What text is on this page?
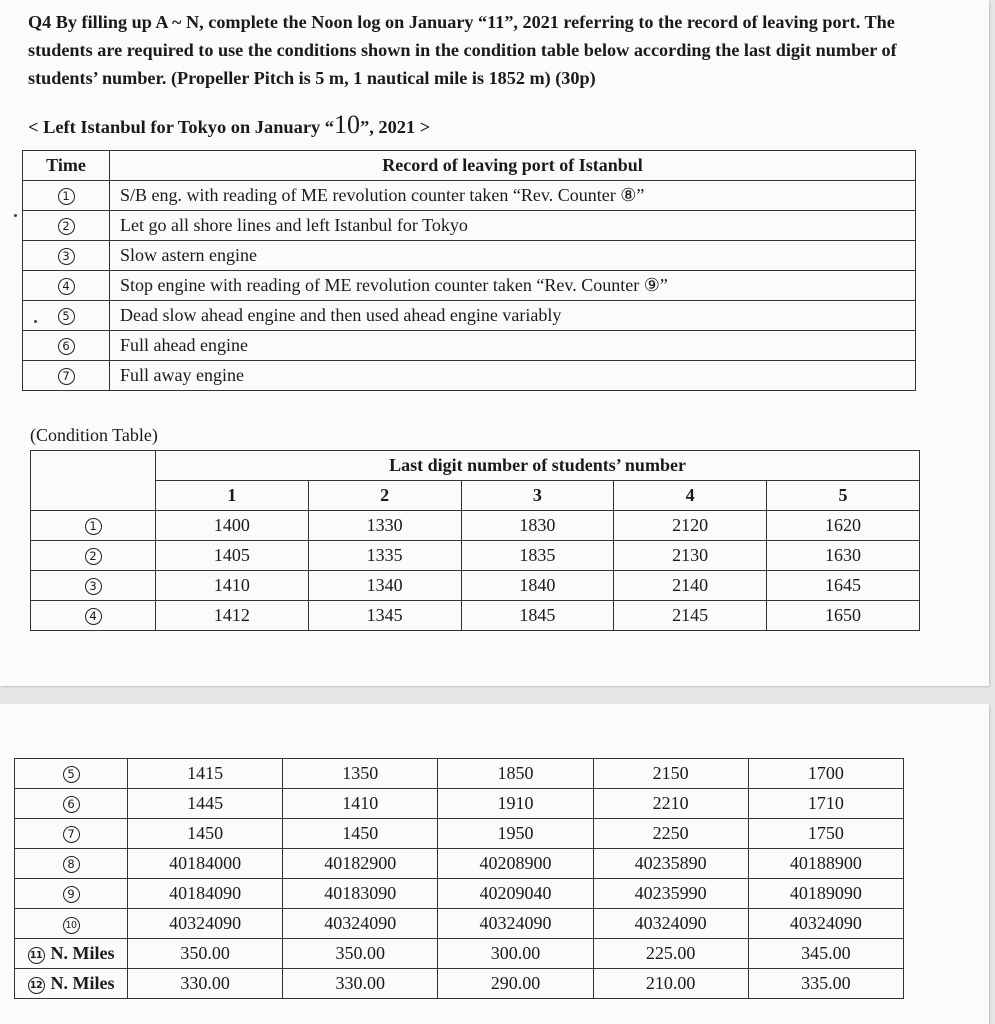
Q4 By filling up A ~ N, complete the Noon log on January “11”, 2021 referring to the record of leaving port. The students are required to use the conditions shown in the condition table below according the last digit number of students’ number. (Propeller Pitch is 5 m, 1 nautical mile is 1852 m) (30p)
< Left Istanbul for Tokyo on January “10”, 2021 >
Time	Record of leaving port of Istanbul
1	S/B eng. with reading of ME revolution counter taken “Rev. Counter ⑧”
2	Let go all shore lines and left Istanbul for Tokyo
3	Slow astern engine
4	Stop engine with reading of ME revolution counter taken “Rev. Counter ⑨”
5	Dead slow ahead engine and then used ahead engine variably
6	Full ahead engine
7	Full away engine
(Condition Table)
	Last digit number of students’ number				
	1	2	3	4	5
1	1400	1330	1830	2120	1620
2	1405	1335	1835	2130	1630
3	1410	1340	1840	2140	1645
4	1412	1345	1845	2145	1650
5	1415	1350	1850	2150	1700
6	1445	1410	1910	2210	1710
7	1450	1450	1950	2250	1750
8	40184000	40182900	40208900	40235890	40188900
9	40184090	40183090	40209040	40235990	40189090
10	40324090	40324090	40324090	40324090	40324090
11 N. Miles	350.00	350.00	300.00	225.00	345.00
12 N. Miles	330.00	330.00	290.00	210.00	335.00
